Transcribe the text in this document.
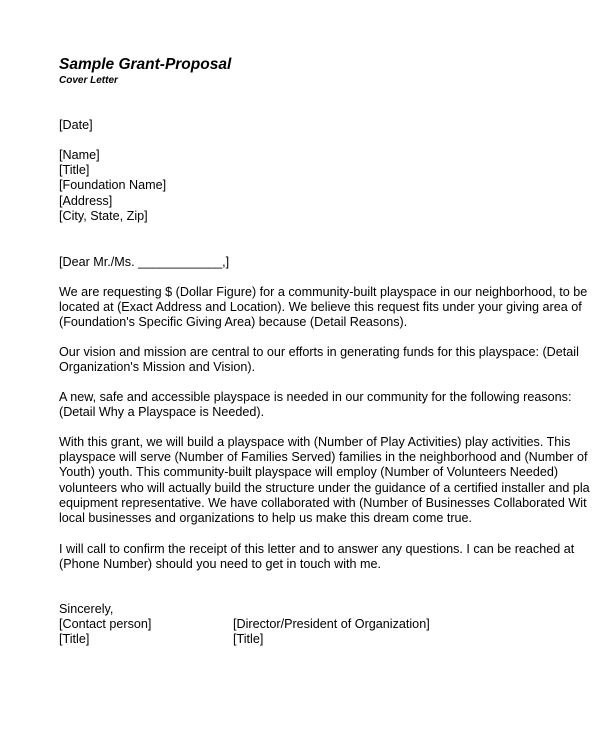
Sample Grant-Proposal
Cover Letter
[Date]
[Name]
[Title]
[Foundation Name]
[Address]
[City, State, Zip]
[Dear Mr./Ms. ____________,]
We are requesting $ (Dollar Figure) for a community-built playspace in our neighborhood, to be
located at (Exact Address and Location). We believe this request fits under your giving area of
(Foundation's Specific Giving Area) because (Detail Reasons).
Our vision and mission are central to our efforts in generating funds for this playspace: (Detail
Organization's Mission and Vision).
A new, safe and accessible playspace is needed in our community for the following reasons:
(Detail Why a Playspace is Needed).
With this grant, we will build a playspace with (Number of Play Activities) play activities. This
playspace will serve (Number of Families Served) families in the neighborhood and (Number of
Youth) youth. This community-built playspace will employ (Number of Volunteers Needed)
volunteers who will actually build the structure under the guidance of a certified installer and pla
equipment representative. We have collaborated with (Number of Businesses Collaborated Wit
local businesses and organizations to help us make this dream come true.
I will call to confirm the receipt of this letter and to answer any questions. I can be reached at
(Phone Number) should you need to get in touch with me.
Sincerely,
[Contact person]
[Title]
[Director/President of Organization]
[Title]
